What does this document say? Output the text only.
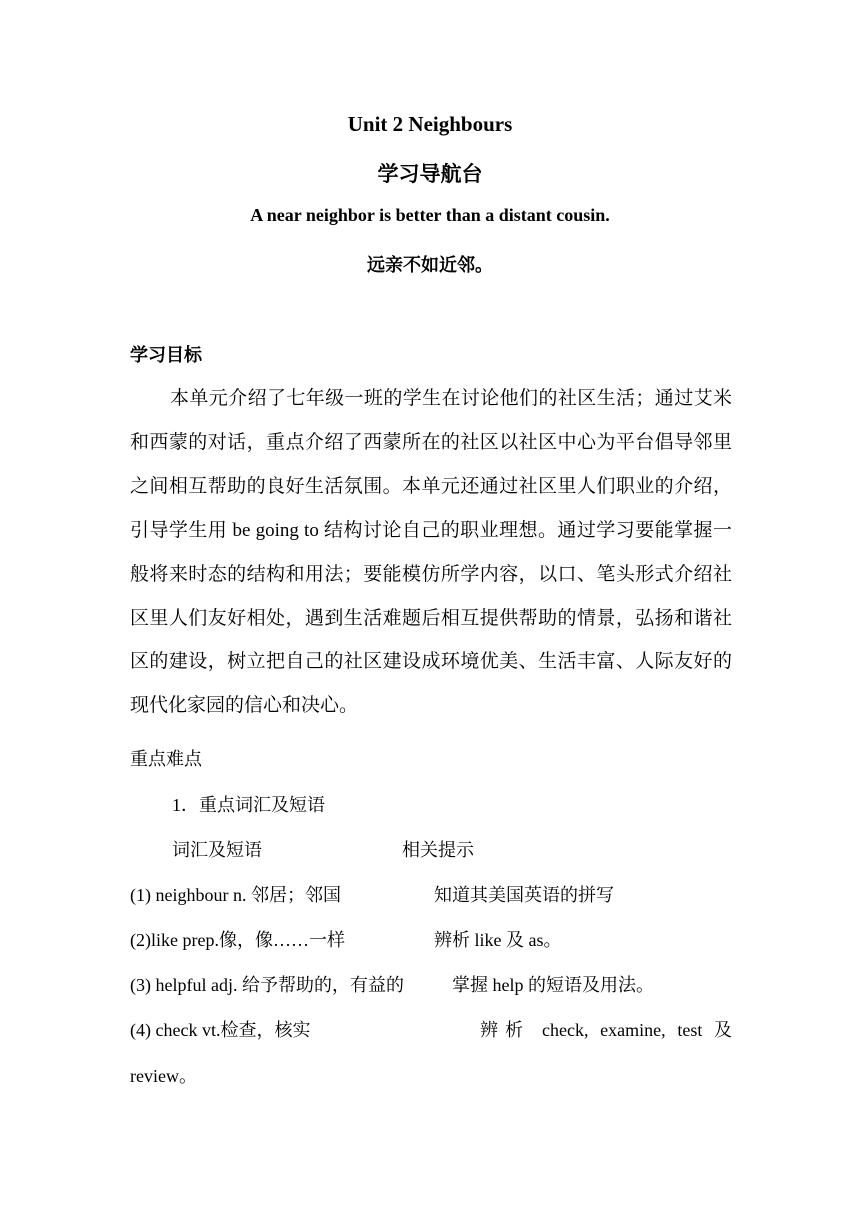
Unit 2 Neighbours
学习导航台
A near neighbor is better than a distant cousin.
远亲不如近邻。
学习目标

本单元介绍了七年级一班的学生在讨论他们的社区生活；通过艾米和西蒙的对话，重点介绍了西蒙所在的社区以社区中心为平台倡导邻里之间相互帮助的良好生活氛围。本单元还通过社区里人们职业的介绍，引导学生用 be going to 结构讨论自己的职业理想。通过学习要能掌握一般将来时态的结构和用法；要能模仿所学内容，以口、笔头形式介绍社区里人们友好相处，遇到生活难题后相互提供帮助的情景，弘扬和谐社区的建设，树立把自己的社区建设成环境优美、生活丰富、人际友好的现代化家园的信心和决心。

重点难点
1．重点词汇及短语
词汇及短语	相关提示
(1) neighbour n. 邻居；邻国	知道其美国英语的拼写
(2)like prep.像，像……一样	辨析 like 及 as。
(3) helpful adj. 给予帮助的，有益的	掌握 help 的短语及用法。
(4) check vt.检查，核实	辨析 check, examine, test 及
review。
